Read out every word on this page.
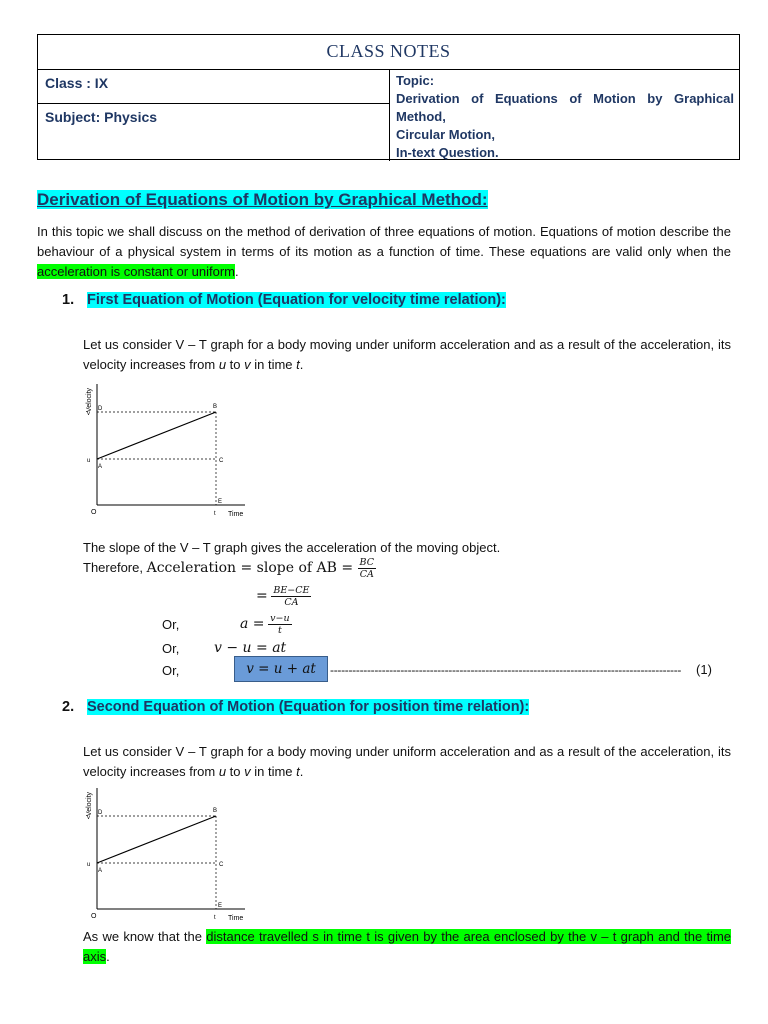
CLASS NOTES
Class : IX
Subject: Physics
Topic:
Derivation of Equations of Motion by Graphical Method,
Circular Motion,
In-text Question.
Derivation of Equations of Motion by Graphical Method:
In this topic we shall discuss on the method of derivation of three equations of motion. Equations of motion describe the behaviour of a physical system in terms of its motion as a function of time. These equations are valid only when the acceleration is constant or uniform.
1. First Equation of Motion (Equation for velocity time relation):
Let us consider V – T graph for a body moving under uniform acceleration and as a result of the acceleration, its velocity increases from u to v in time t.
Velocity
Time
v
u
O	t
A
B
C
D
E
The slope of the V – T graph gives the acceleration of the moving object.
Therefore, Acceleration = slope of AB = $\frac{BC}{CA}$
= $\frac{BE-CE}{CA}$
Or,	$a = \frac{v-u}{t}$
Or, v − u = at
Or,	v = u + at	-----------------------------------------------------------------------------------------------	(1)
2. Second Equation of Motion (Equation for position time relation):
Let us consider V – T graph for a body moving under uniform acceleration and as a result of the acceleration, its velocity increases from u to v in time t.
Velocity
Time
v
u
O	t
A
B
C
D
E
As we know that the distance travelled s in time t is given by the area enclosed by the v – t graph and the time axis.
